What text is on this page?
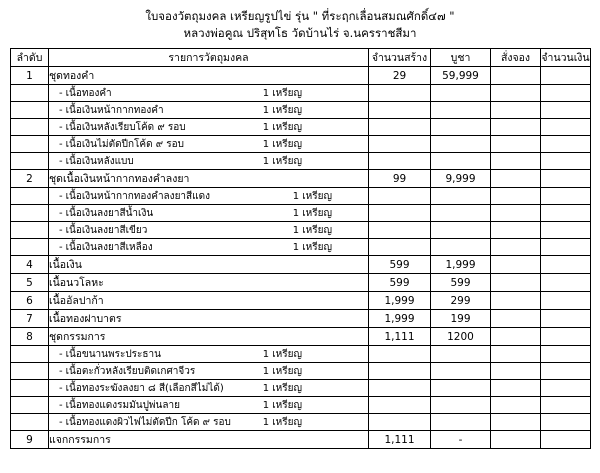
ใบจองวัตถุมงคล เหรียญรูปไข่ รุ่น " ที่ระฤกเลื่อนสมณศักดิ์๔๗ "
หลวงพ่อคูณ ปริสุทโธ วัดบ้านไร่ จ.นครราชสีมา
ลำดับ	รายการวัตถุมงคล	จำนวนสร้าง	บูชา	สั่งจอง	จำนวนเงิน
1	ชุดทองคำ	29	59,999		

	- เนื้อทองคำ 1 เหรียญ				

	- เนื้อเงินหน้ากากทองคำ 1 เหรียญ				

	- เนื้อเงินหลังเรียบโค้ด ๙ รอบ 1 เหรียญ				

	- เนื้อเงินไม่ตัดปีกโค้ด ๙ รอบ 1 เหรียญ				

	- เนื้อเงินหลังแบบ 1 เหรียญ				

2	ชุดเนื้อเงินหน้ากากทองคำลงยา	99	9,999		

	- เนื้อเงินหน้ากากทองคำลงยาสีแดง 1 เหรียญ				

	- เนื้อเงินลงยาสีน้ำเงิน 1 เหรียญ				

	- เนื้อเงินลงยาสีเขียว 1 เหรียญ				

	- เนื้อเงินลงยาสีเหลือง 1 เหรียญ				

4	เนื้อเงิน	599	1,999		
5	เนื้อนวโลหะ	599	599		
6	เนื้ออัลปาก้า	1,999	299		
7	เนื้อทองฝาบาตร	1,999	199		
8	ชุดกรรมการ	1,111	1200		

	- เนื้อขนานพระประธาน 1 เหรียญ				

	- เนื้อตะกั่วหลังเรียบติดเกศาจีวร 1 เหรียญ				

	- เนื้อทองระฆังลงยา ๘ สี(เลือกสีไม่ได้) 1 เหรียญ				

	- เนื้อทองแดงรมมันปูพ่นลาย 1 เหรียญ				

	- เนื้อทองแดงผิวไฟไม่ตัดปีก โค้ด ๙ รอบ 1 เหรียญ				

9	แจกกรรมการ	1,111	-		
